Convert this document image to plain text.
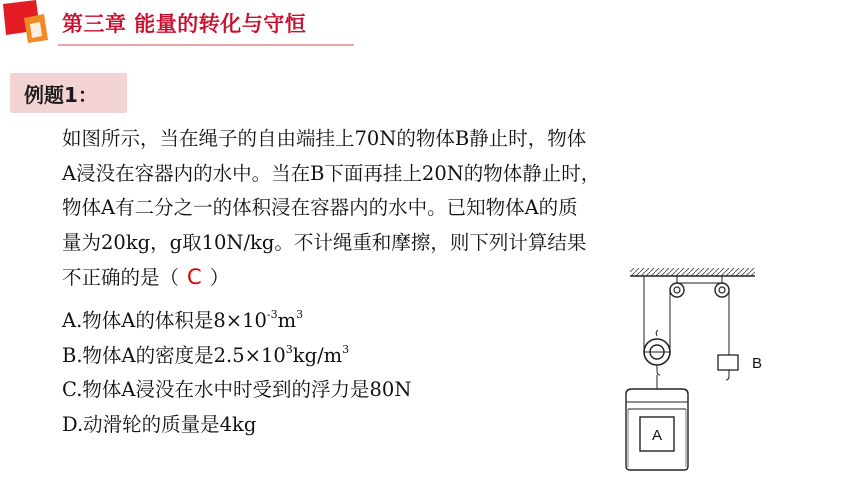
第三章 能量的转化与守恒
例题1：

如图所示，当在绳子的自由端挂上70N的物体B静止时，物体

A浸没在容器内的水中。当在B下面再挂上20N的物体静止时，

物体A有二分之一的体积浸在容器内的水中。已知物体A的质

量为20kg，g取10N/kg。不计绳重和摩擦，则下列计算结果

不正确的是（ C ）

A.物体A的体积是$8\times 10^{-3}m^3$

B.物体A的密度是$2.5\times 10^3kg/m^3$

C.物体A浸没在水中时受到的浮力是80N

D.动滑轮的质量是4kg

B
A
